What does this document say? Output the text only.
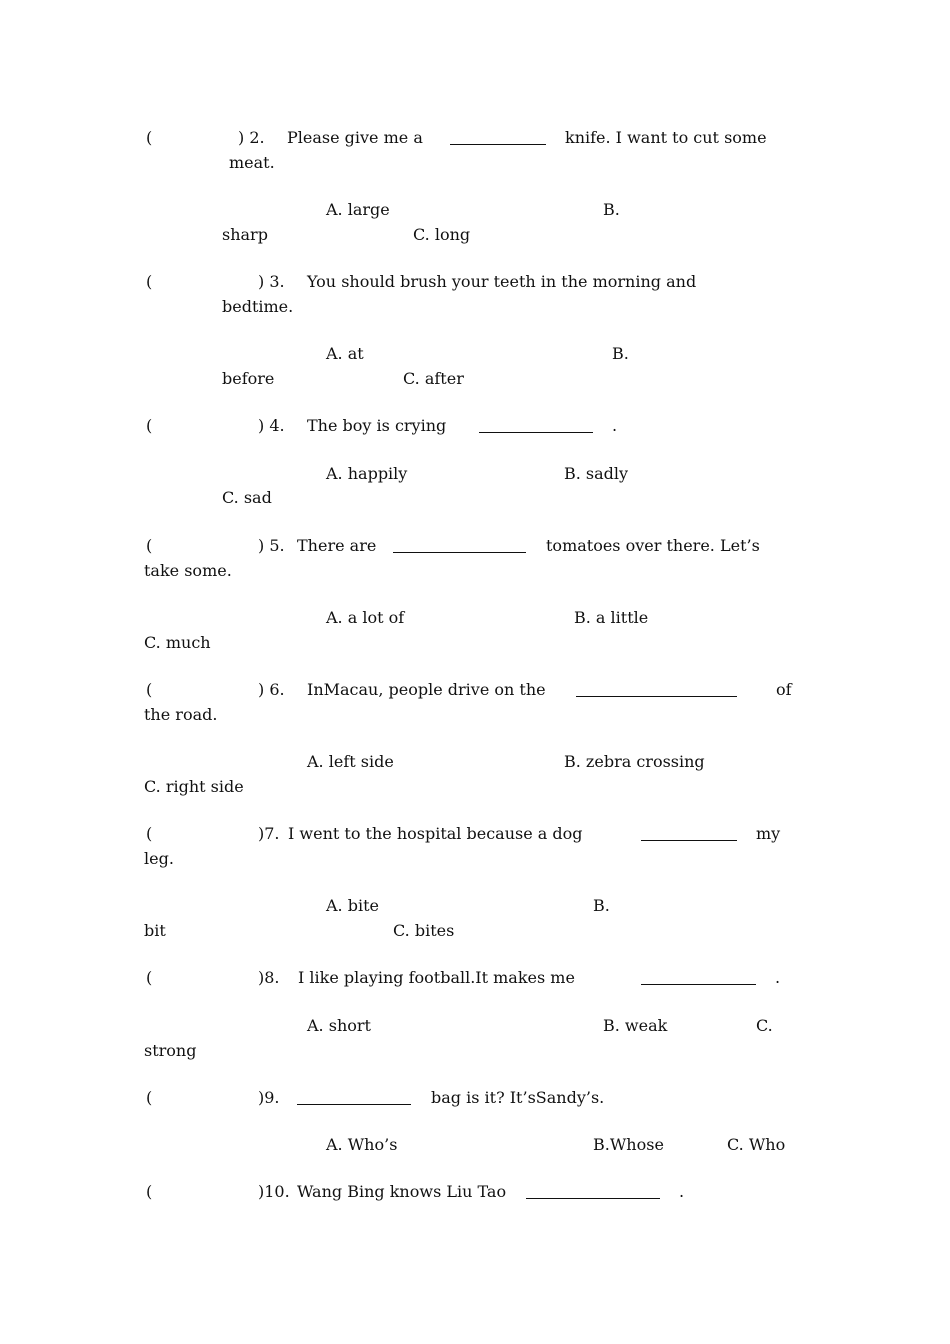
(	) 2. Please give me a	knife. I want to cut some
meat.
A. large	B.
sharp	C. long
(	) 3. You should brush your teeth in the morning and
bedtime.
A. at	B.
before	C. after
(	) 4. The boy is crying	.
A. happily	B. sadly
C. sad
(	) 5. There are	tomatoes over there. Let’s
take some.
A. a lot of	B. a little
C. much
(	) 6. InMacau, people drive on the	of
the road.
A. left side	B. zebra crossing
C. right side
(	)7. I went to the hospital because a dog	my
leg.
A. bite	B.
bit	C. bites
(	)8. I like playing football.It makes me	.
A. short	B. weak	C.
strong
(	)9.	bag is it? It’sSandy’s.
A. Who’s	B.Whose	C. Who
(	)10. Wang Bing knows Liu Tao	.
